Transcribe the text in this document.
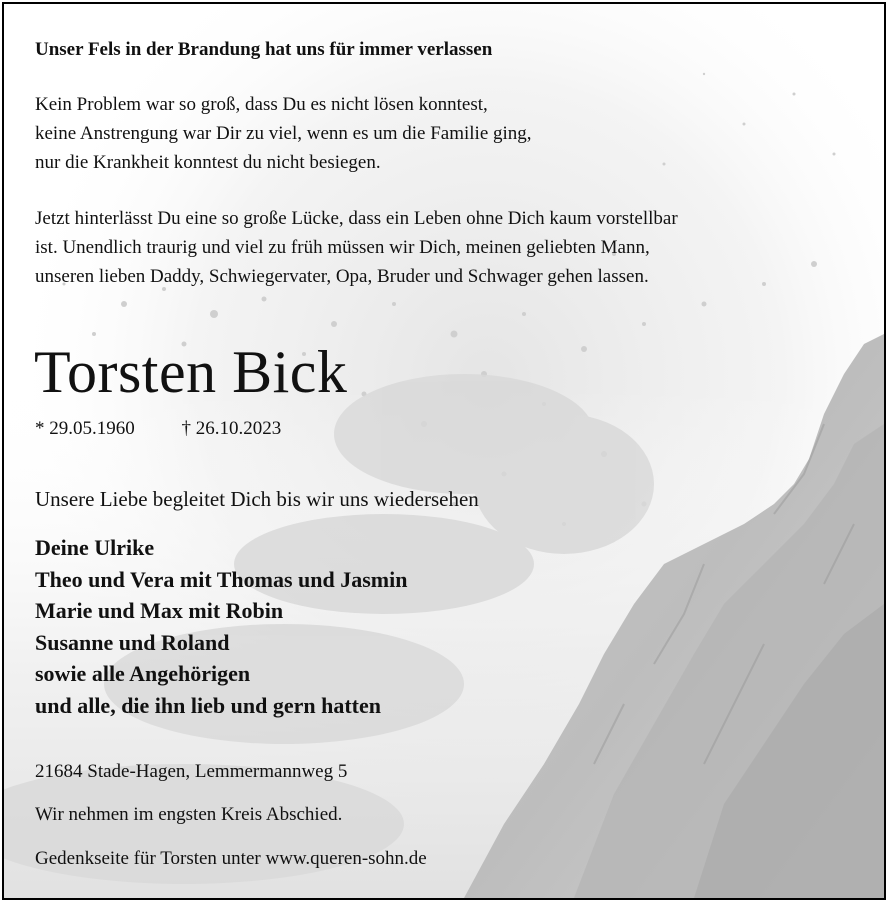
Unser Fels in der Brandung hat uns für immer verlassen
Kein Problem war so groß, dass Du es nicht lösen konntest,
keine Anstrengung war Dir zu viel, wenn es um die Familie ging,
nur die Krankheit konntest du nicht besiegen.
Jetzt hinterlässt Du eine so große Lücke, dass ein Leben ohne Dich kaum vorstellbar
ist. Unendlich traurig und viel zu früh müssen wir Dich, meinen geliebten Mann,
unseren lieben Daddy, Schwiegervater, Opa, Bruder und Schwager gehen lassen.
Torsten Bick
* 29.05.1960 † 26.10.2023
Unsere Liebe begleitet Dich bis wir uns wiedersehen
Deine Ulrike
Theo und Vera mit Thomas und Jasmin
Marie und Max mit Robin
Susanne und Roland
sowie alle Angehörigen
und alle, die ihn lieb und gern hatten
21684 Stade-Hagen, Lemmermannweg 5
Wir nehmen im engsten Kreis Abschied.
Gedenkseite für Torsten unter www.queren-sohn.de
